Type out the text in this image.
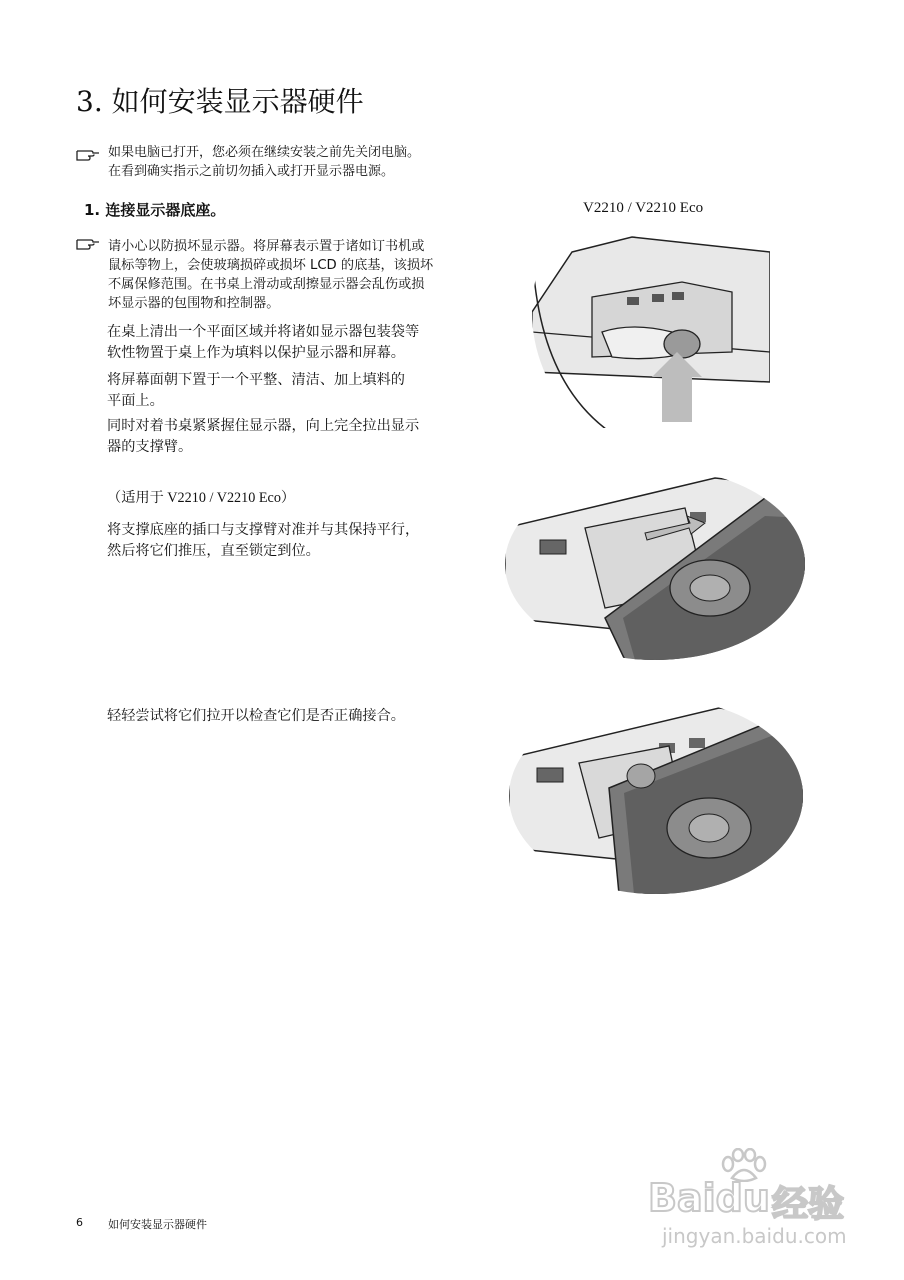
3. 如何安装显示器硬件
如果电脑已打开，您必须在继续安装之前先关闭电脑。
在看到确实指示之前切勿插入或打开显示器电源。
1. 连接显示器底座。	V2210 / V2210 Eco
请小心以防损坏显示器。将屏幕表示置于诸如订书机或
鼠标等物上，会使玻璃损碎或损坏 LCD 的底基，该损坏
不属保修范围。在书桌上滑动或刮擦显示器会乱伤或损
坏显示器的包围物和控制器。
在桌上清出一个平面区域并将诸如显示器包装袋等
软性物置于桌上作为填料以保护显示器和屏幕。
将屏幕面朝下置于一个平整、清洁、加上填料的
平面上。
同时对着书桌紧紧握住显示器，向上完全拉出显示
器的支撑臂。
（适用于 V2210 / V2210 Eco）
将支撑底座的插口与支撑臂对准并与其保持平行，
然后将它们推压，直至锁定到位。
轻轻尝试将它们拉开以检查它们是否正确接合。
6 如何安装显示器硬件
Baidu 经验
jingyan.baidu.com
